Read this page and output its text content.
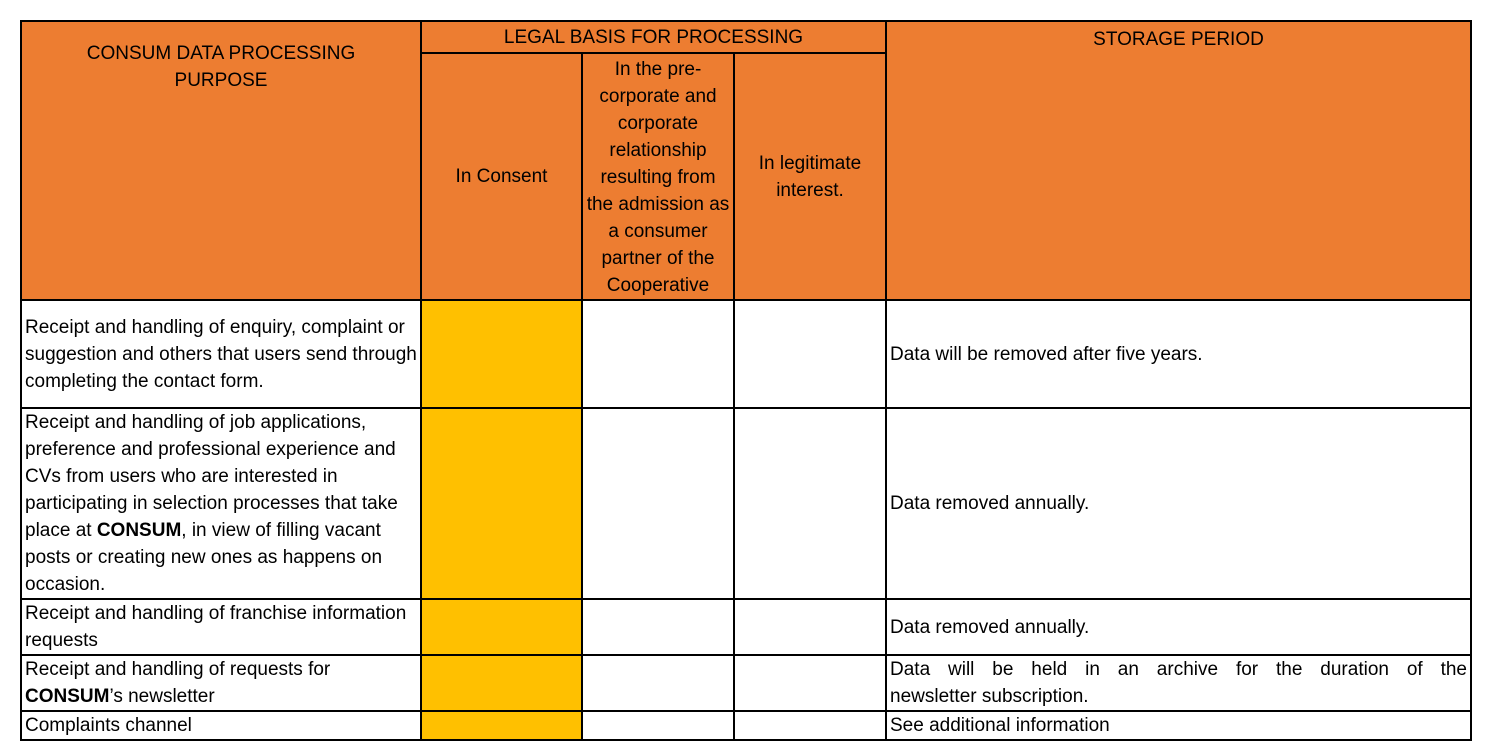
CONSUM DATA PROCESSING PURPOSE	LEGAL BASIS FOR PROCESSING			STORAGE PERIOD
	In Consent	In the pre-corporate and corporate relationship resulting from the admission as a consumer partner of the Cooperative	In legitimate interest.	

Receipt and handling of enquiry, complaint or suggestion and others that users send through completing the contact form.				Data will be removed after five years.
Receipt and handling of job applications, preference and professional experience and CVs from users who are interested in participating in selection processes that take place at CONSUM, in view of filling vacant posts or creating new ones as happens on occasion.				Data removed annually.
Receipt and handling of franchise information requests				Data removed annually.
Receipt and handling of requests for CONSUM’s newsletter				Data will be held in an archive for the duration of the
newsletter subscription.

Complaints channel				See additional information
